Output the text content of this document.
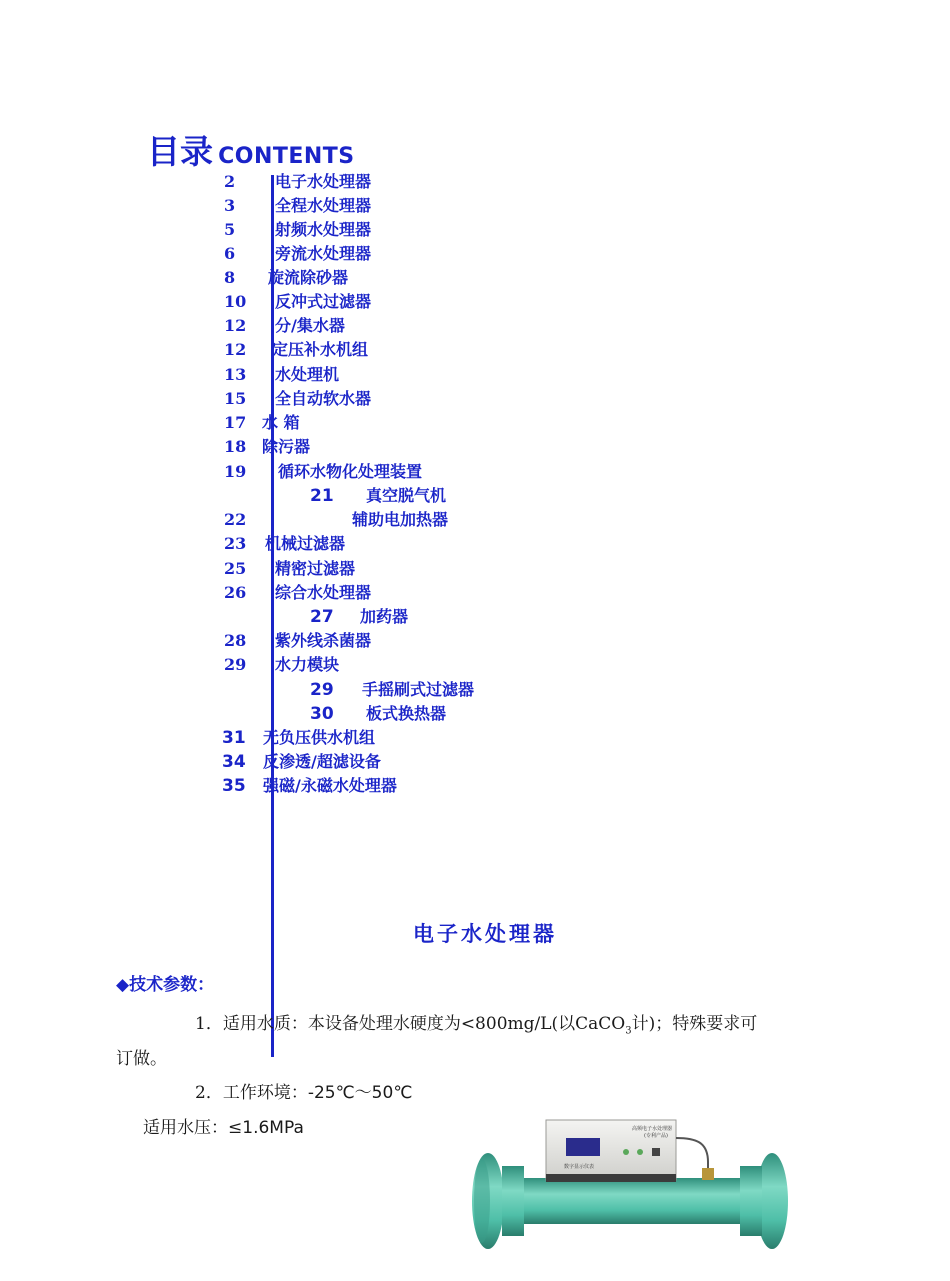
目录 CONTENTS
2 电子水处理器
3 全程水处理器
5 射频水处理器
6 旁流水处理器
8 旋流除砂器
10 反冲式过滤器
12 分/集水器
12 定压补水机组
13 水处理机
15 全自动软水器
17 水 箱
18 除污器
19 循环水物化处理装置
21 真空脱气机
22	辅助电加热器
23 机械过滤器
25 精密过滤器
26 综合水处理器
27 加药器
28 紫外线杀菌器
29 水力模块
29 手摇刷式过滤器
30 板式换热器
31 无负压供水机组
34 反渗透/超滤设备
35 强磁/永磁水处理器
电子水处理器
◆技术参数：
1．适用水质：本设备处理水硬度为<800mg/L(以CaCO$_3$计)；特殊要求可
订做。
2．工作环境：-25℃～50℃
适用水压：≤1.6MPa	高频电子水处理器
(专利产品)
数字显示仪表
